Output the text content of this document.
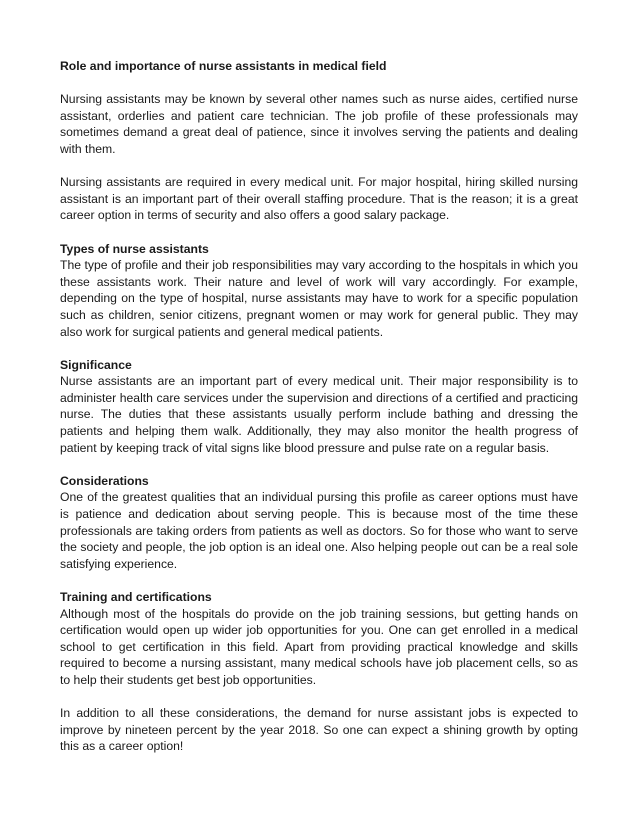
Role and importance of nurse assistants in medical field
Nursing assistants may be known by several other names such as nurse aides, certified nurse assistant, orderlies and patient care technician. The job profile of these professionals may sometimes demand a great deal of patience, since it involves serving the patients and dealing with them.
Nursing assistants are required in every medical unit. For major hospital, hiring skilled nursing assistant is an important part of their overall staffing procedure. That is the reason; it is a great career option in terms of security and also offers a good salary package.
Types of nurse assistants
The type of profile and their job responsibilities may vary according to the hospitals in which you these assistants work. Their nature and level of work will vary accordingly. For example, depending on the type of hospital, nurse assistants may have to work for a specific population such as children, senior citizens, pregnant women or may work for general public. They may also work for surgical patients and general medical patients.
Significance
Nurse assistants are an important part of every medical unit. Their major responsibility is to administer health care services under the supervision and directions of a certified and practicing nurse. The duties that these assistants usually perform include bathing and dressing the patients and helping them walk. Additionally, they may also monitor the health progress of patient by keeping track of vital signs like blood pressure and pulse rate on a regular basis.
Considerations
One of the greatest qualities that an individual pursing this profile as career options must have is patience and dedication about serving people. This is because most of the time these professionals are taking orders from patients as well as doctors. So for those who want to serve the society and people, the job option is an ideal one. Also helping people out can be a real sole satisfying experience.
Training and certifications
Although most of the hospitals do provide on the job training sessions, but getting hands on certification would open up wider job opportunities for you. One can get enrolled in a medical school to get certification in this field. Apart from providing practical knowledge and skills required to become a nursing assistant, many medical schools have job placement cells, so as to help their students get best job opportunities.
In addition to all these considerations, the demand for nurse assistant jobs is expected to improve by nineteen percent by the year 2018. So one can expect a shining growth by opting this as a career option!
